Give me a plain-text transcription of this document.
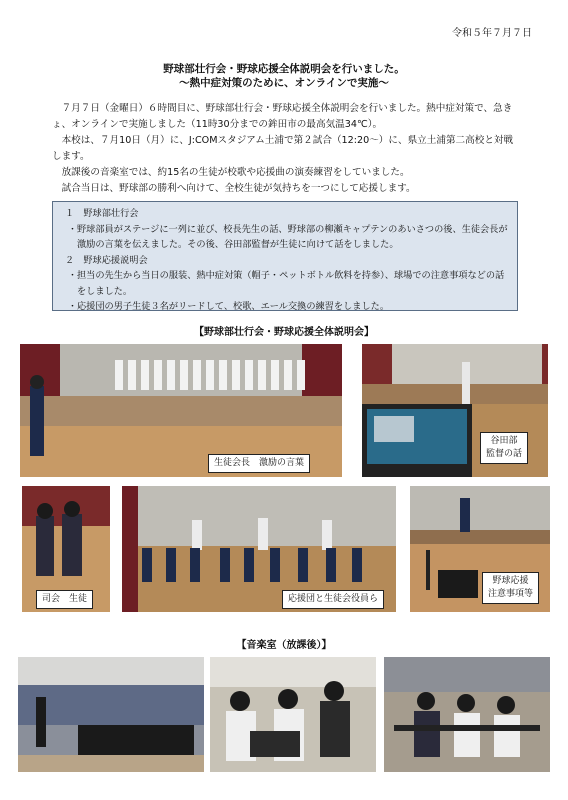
令和５年７月７日
野球部壮行会・野球応援全体説明会を行いました。
～熱中症対策のために、オンラインで実施～

７月７日（金曜日）６時間目に、野球部壮行会・野球応援全体説明会を行いました。熱中症対策で、急きょ、オンラインで実施しました（11時30分までの鉾田市の最高気温34℃）。

本校は、７月10日（月）に、J:COMスタジアム土浦で第２試合（12:20～）に、県立土浦第二高校と対戦します。

放課後の音楽室では、約15名の生徒が校歌や応援曲の演奏練習をしていました。

試合当日は、野球部の勝利へ向けて、全校生徒が気持ちを一つにして応援します。

１　野球部壮行会

・野球部員がステージに一列に並び、校長先生の話、野球部の柳瀬キャプテンのあいさつの後、生徒会長が激励の言葉を伝えました。その後、谷田部監督が生徒に向けて話をしました。

２　野球応援説明会

・担当の先生から当日の服装、熱中症対策（帽子・ペットボトル飲料を持参）、球場での注意事項などの話をしました。

・応援団の男子生徒３名がリードして、校歌、エール交換の練習をしました。

【野球部壮行会・野球応援全体説明会】
生徒会長　激励の言葉
谷田部
監督の話
司会　生徒	応援団と生徒会役員ら
野球応援
注意事項等
【音楽室（放課後）】
